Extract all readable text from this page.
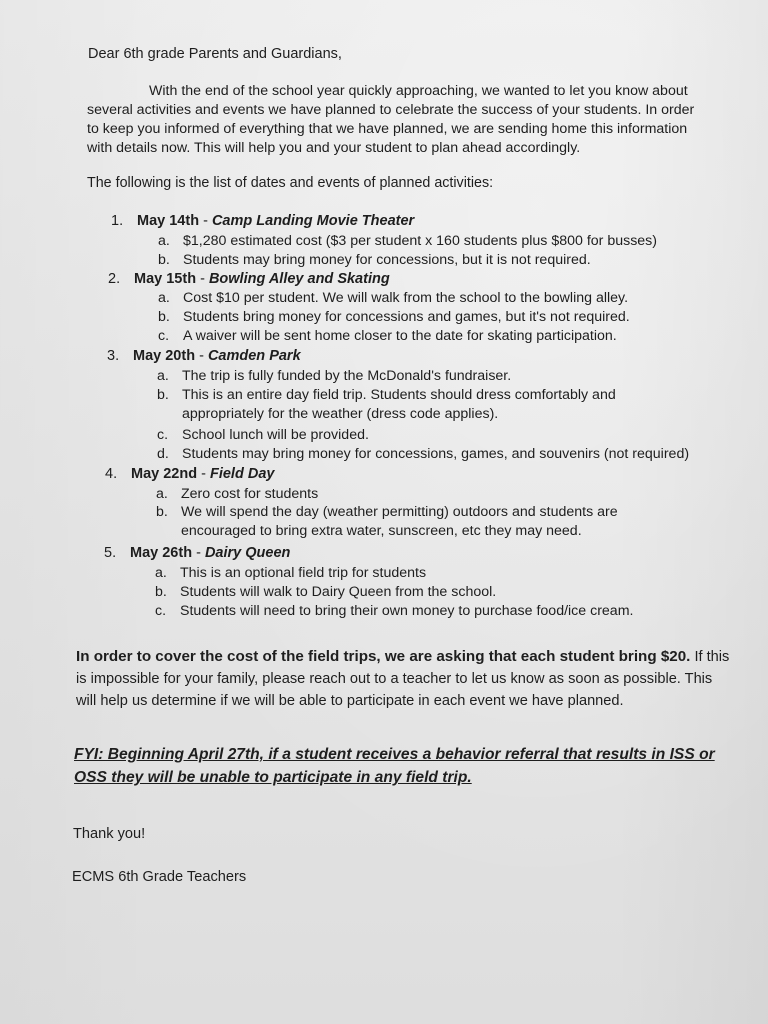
Dear 6th grade Parents and Guardians,

With the end of the school year quickly approaching, we wanted to let you know about several activities and events we have planned to celebrate the success of your students. In order to keep you informed of everything that we have planned, we are sending home this information with details now. This will help you and your student to plan ahead accordingly.

The following is the list of dates and events of planned activities:
1. May 14th - Camp Landing Movie Theater
a. $1,280 estimated cost ($3 per student x 160 students plus $800 for busses)
b. Students may bring money for concessions, but it is not required.
2. May 15th - Bowling Alley and Skating
a. Cost $10 per student. We will walk from the school to the bowling alley.
b. Students bring money for concessions and games, but it's not required.
c. A waiver will be sent home closer to the date for skating participation.
3. May 20th - Camden Park
a. The trip is fully funded by the McDonald's fundraiser.
b. This is an entire day field trip. Students should dress comfortably and
appropriately for the weather (dress code applies).
c. School lunch will be provided.
d. Students may bring money for concessions, games, and souvenirs (not required)
4. May 22nd - Field Day
a. Zero cost for students
b. We will spend the day (weather permitting) outdoors and students are
encouraged to bring extra water, sunscreen, etc they may need.
5. May 26th - Dairy Queen
a. This is an optional field trip for students
b. Students will walk to Dairy Queen from the school.
c. Students will need to bring their own money to purchase food/ice cream.

In order to cover the cost of the field trips, we are asking that each student bring $20. If this is impossible for your family, please reach out to a teacher to let us know as soon as possible. This will help us determine if we will be able to participate in each event we have planned.

FYI: Beginning April 27th, if a student receives a behavior referral that results in ISS or OSS they will be unable to participate in any field trip.

Thank you!
ECMS 6th Grade Teachers
